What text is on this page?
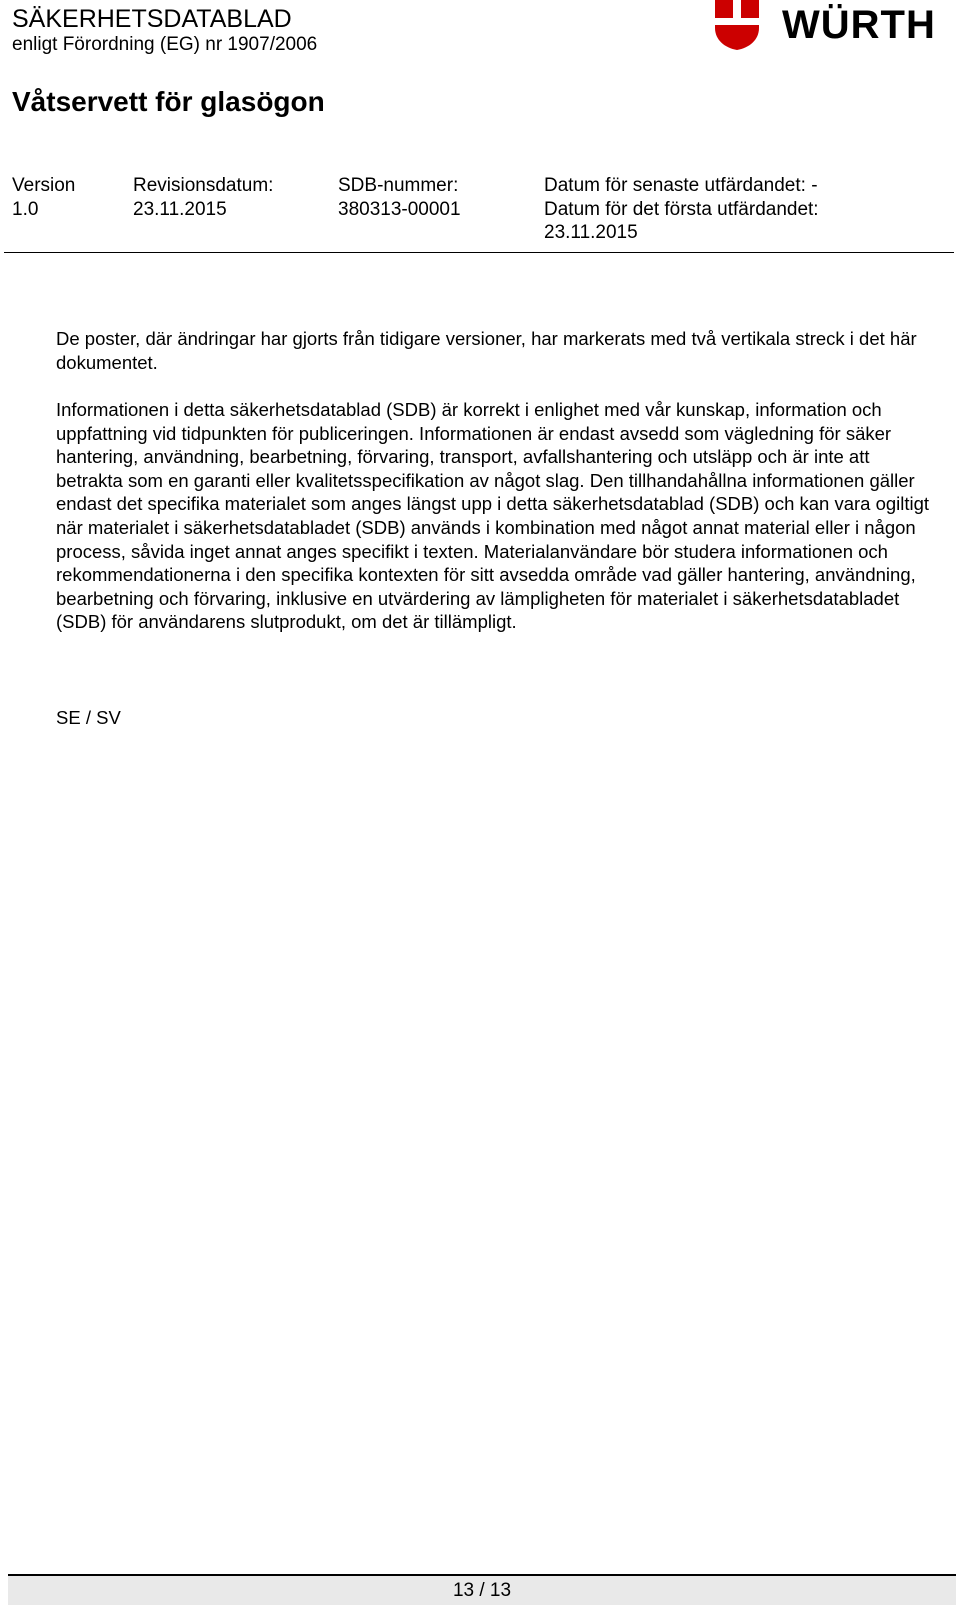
SÄKERHETSDATABLAD
enligt Förordning (EG) nr 1907/2006	WÜRTH
Våtservett för glasögon
Version
1.0
Revisionsdatum:
23.11.2015
SDB-nummer:
380313-00001
Datum för senaste utfärdandet: -
Datum för det första utfärdandet:
23.11.2015
De poster, där ändringar har gjorts från tidigare versioner, har markerats med två vertikala streck i det här dokumentet.
Informationen i detta säkerhetsdatablad (SDB) är korrekt i enlighet med vår kunskap, information och uppfattning vid tidpunkten för publiceringen. Informationen är endast avsedd som vägledning för säker hantering, användning, bearbetning, förvaring, transport, avfallshantering och utsläpp och är inte att betrakta som en garanti eller kvalitetsspecifikation av något slag. Den tillhandahållna informationen gäller endast det specifika materialet som anges längst upp i detta säkerhetsdatablad (SDB) och kan vara ogiltigt när materialet i säkerhetsdatabladet (SDB) används i kombination med något annat material eller i någon process, såvida inget annat anges specifikt i texten. Materialanvändare bör studera informationen och rekommendationerna i den specifika kontexten för sitt avsedda område vad gäller hantering, användning, bearbetning och förvaring, inklusive en utvärdering av lämpligheten för materialet i säkerhetsdatabladet (SDB) för användarens slutprodukt, om det är tillämpligt.
SE / SV
13 / 13
